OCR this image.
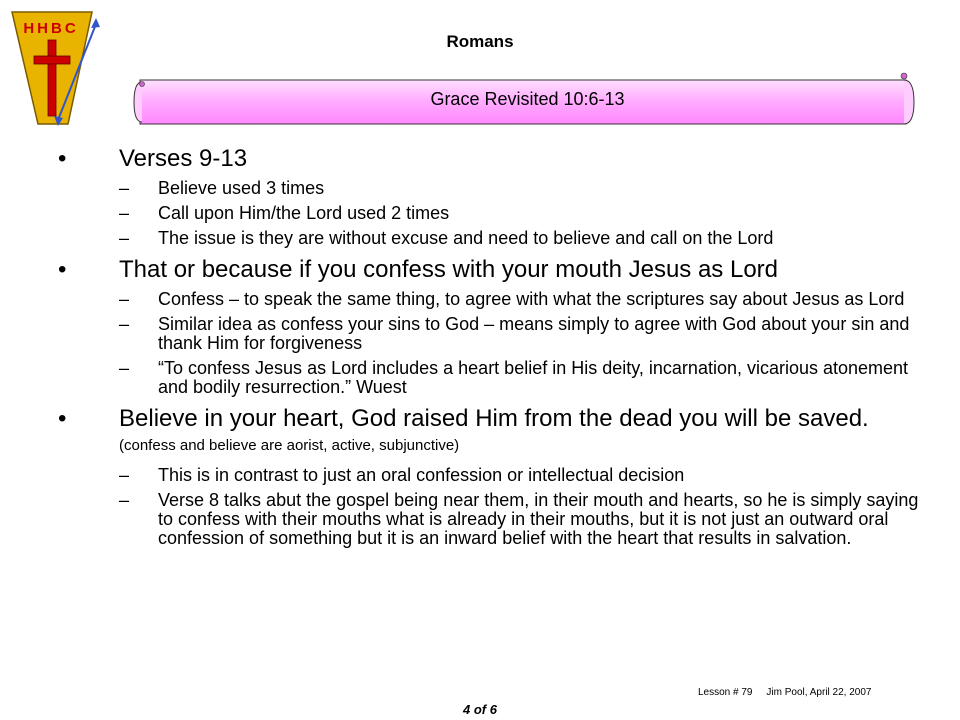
HHBC
Romans
Grace Revisited 10:6-13
• Verses 9-13
– Believe used 3 times
– Call upon Him/the Lord used 2 times
– The issue is they are without excuse and need to believe and call on the Lord
• That or because if you confess with your mouth Jesus as Lord
– Confess – to speak the same thing, to agree with what the scriptures say about Jesus as Lord
– Similar idea as confess your sins to God – means simply to agree with God about your sin and thank Him for forgiveness
– “To confess Jesus as Lord includes a heart belief in His deity, incarnation, vicarious atonement and bodily resurrection.” Wuest
• Believe in your heart, God raised Him from the dead you will be saved. (confess and believe are aorist, active, subjunctive)
– This is in contrast to just an oral confession or intellectual decision
– Verse 8 talks abut the gospel being near them, in their mouth and hearts, so he is simply saying to confess with their mouths what is already in their mouths, but it is not just an outward oral confession of something but it is an inward belief with the heart that results in salvation.
Lesson # 79 Jim Pool, April 22, 2007
4 of 6
